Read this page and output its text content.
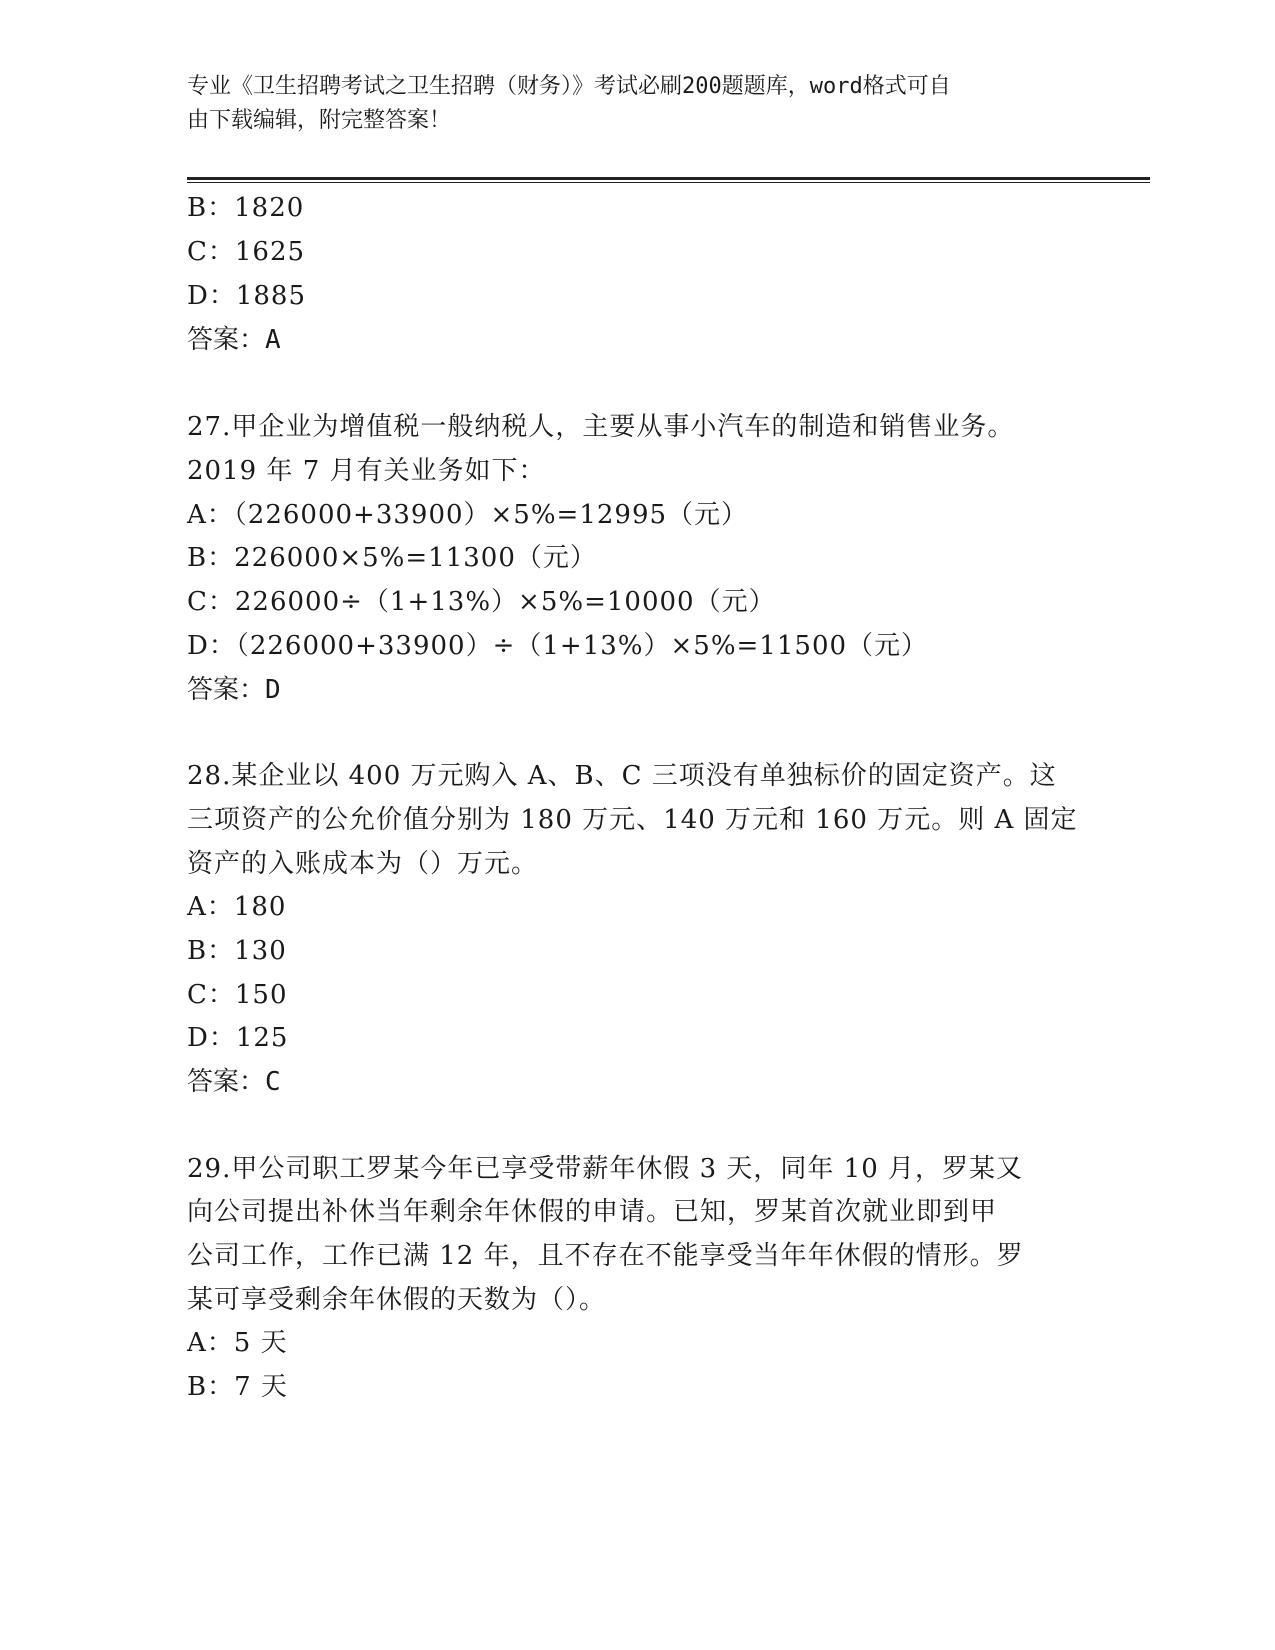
专业《卫生招聘考试之卫生招聘（财务）》考试必刷200题题库，word格式可自
由下载编辑，附完整答案！
B：1820
C：1625
D：1885
答案：A
27.甲企业为增值税一般纳税人，主要从事小汽车的制造和销售业务。
2019 年 7 月有关业务如下：
A：（226000+33900）×5%=12995（元）
B：226000×5%=11300（元）
C：226000÷（1+13%）×5%=10000（元）
D：（226000+33900）÷（1+13%）×5%=11500（元）
答案：D
28.某企业以 400 万元购入 A、B、C 三项没有单独标价的固定资产。这
三项资产的公允价值分别为 180 万元、140 万元和 160 万元。则 A 固定
资产的入账成本为（）万元。
A：180
B：130
C：150
D：125
答案：C
29.甲公司职工罗某今年已享受带薪年休假 3 天，同年 10 月，罗某又
向公司提出补休当年剩余年休假的申请。已知，罗某首次就业即到甲
公司工作，工作已满 12 年，且不存在不能享受当年年休假的情形。罗
某可享受剩余年休假的天数为（）。
A：5 天
B：7 天
